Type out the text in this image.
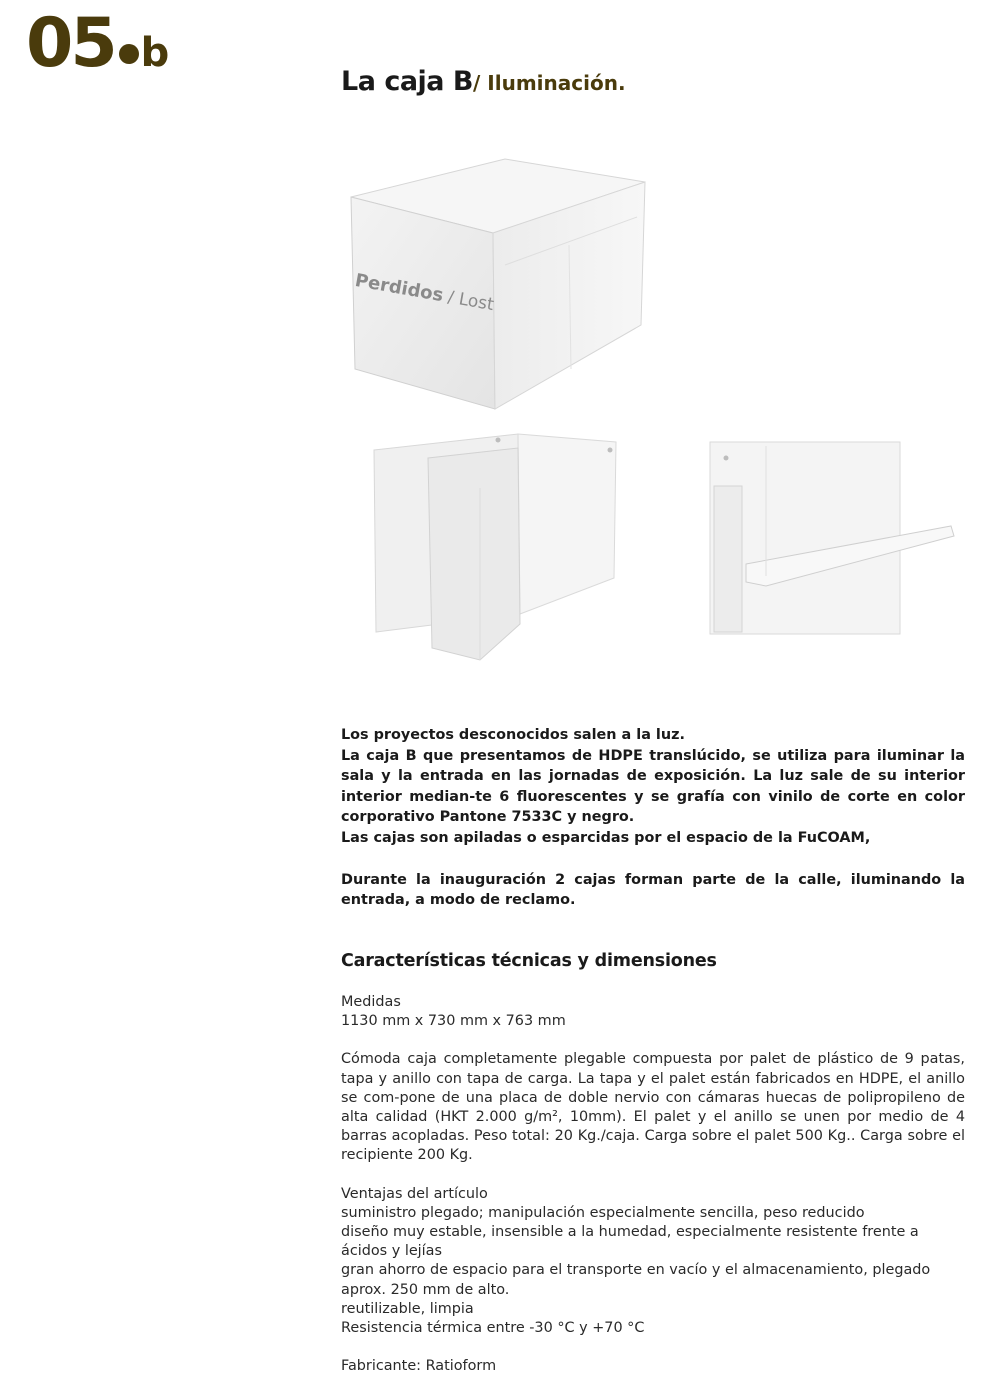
05 b
La caja B/ Iluminación.
Perdidos / Lost

Los proyectos desconocidos salen a la luz.

La caja B que presentamos de HDPE translúcido, se utiliza para iluminar la sala y la entrada en las jornadas de exposición. La luz sale de su interior interior median-te 6 fluorescentes y se grafía con vinilo de corte en color corporativo Pantone 7533C y negro.

Las cajas son apiladas o esparcidas por el espacio de la FuCOAM,

Durante la inauguración 2 cajas forman parte de la calle, iluminando la entrada, a modo de reclamo.

Características técnicas y dimensiones

Medidas

1130 mm x 730 mm x 763 mm

Cómoda caja completamente plegable compuesta por palet de plástico de 9 patas, tapa y anillo con tapa de carga. La tapa y el palet están fabricados en HDPE, el anillo se com-pone de una placa de doble nervio con cámaras huecas de polipropileno de alta calidad (HKT 2.000 g/m², 10mm). El palet y el anillo se unen por medio de 4 barras acopladas. Peso total: 20 Kg./caja. Carga sobre el palet 500 Kg.. Carga sobre el recipiente 200 Kg.

Ventajas del artículo

suministro plegado; manipulación especialmente sencilla, peso reducido

diseño muy estable, insensible a la humedad, especialmente resistente frente a ácidos y lejías

gran ahorro de espacio para el transporte en vacío y el almacenamiento, plegado aprox. 250 mm de alto.

reutilizable, limpia

Resistencia térmica entre -30 °C y +70 °C

Fabricante: Ratioform
